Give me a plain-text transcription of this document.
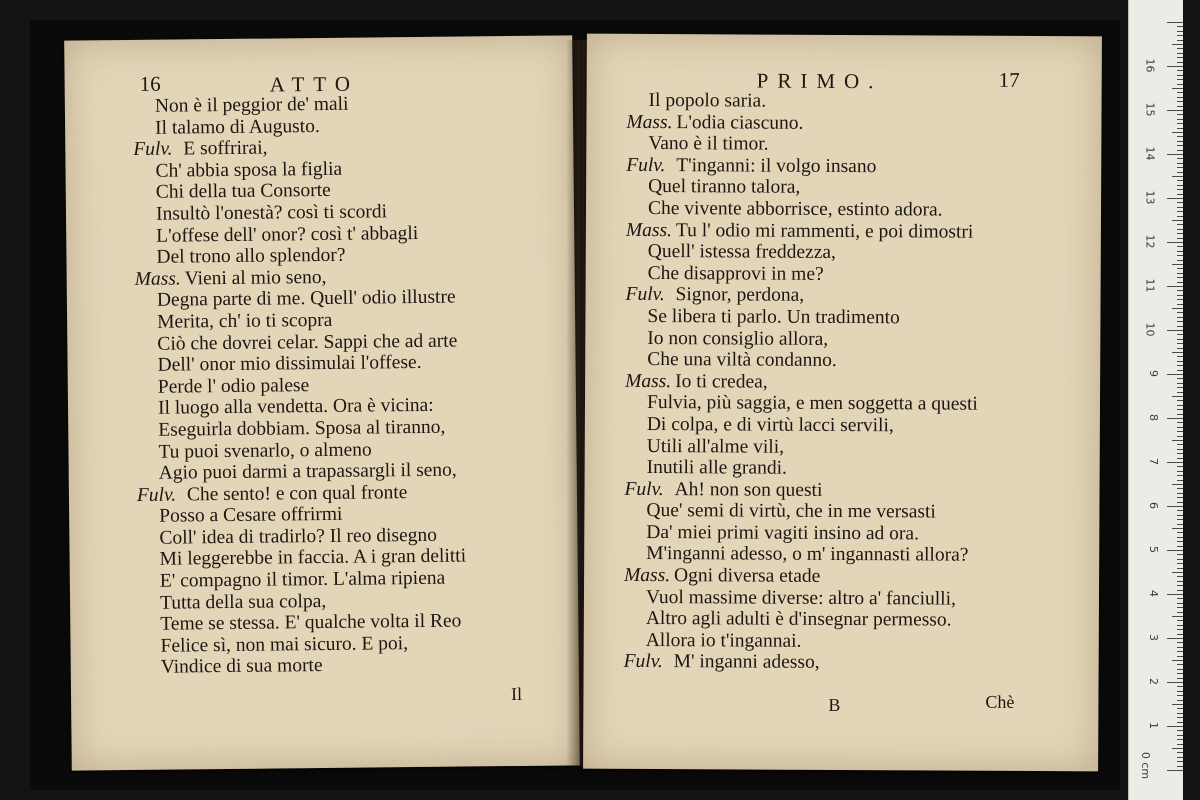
16	ATTO
Non è il peggior de' mali
Il talamo di Augusto.
Fulv. E soffrirai,
Ch' abbia sposa la figlia
Chi della tua Consorte
Insultò l'onestà? così ti scordi
L'offese dell' onor? così t' abbagli
Del trono allo splendor?
Mass. Vieni al mio seno,
Degna parte di me. Quell' odio illustre
Merita, ch' io ti scopra
Ciò che dovrei celar. Sappi che ad arte
Dell' onor mio dissimulai l'offese.
Perde l' odio palese
Il luogo alla vendetta. Ora è vicina:
Eseguirla dobbiam. Sposa al tiranno,
Tu puoi svenarlo, o almeno
Agio puoi darmi a trapassargli il seno,
Fulv. Che sento! e con qual fronte
Posso a Cesare offrirmi
Coll' idea di tradirlo? Il reo disegno
Mi leggerebbe in faccia. A i gran delitti
E' compagno il timor. L'alma ripiena
Tutta della sua colpa,
Teme se stessa. E' qualche volta il Reo
Felice sì, non mai sicuro. E poi,
Vindice di sua morte
Il
PRIMO.	17
Il popolo saria.
Mass. L'odia ciascuno.
Vano è il timor.
Fulv. T'inganni: il volgo insano
Quel tiranno talora,
Che vivente abborrisce, estinto adora.
Mass. Tu l' odio mi rammenti, e poi dimostri
Quell' istessa freddezza,
Che disapprovi in me?
Fulv. Signor, perdona,
Se libera ti parlo. Un tradimento
Io non consiglio allora,
Che una viltà condanno.
Mass. Io ti credea,
Fulvia, più saggia, e men soggetta a questi
Di colpa, e di virtù lacci servili,
Utili all'alme vili,
Inutili alle grandi.
Fulv. Ah! non son questi
Que' semi di virtù, che in me versasti
Da' miei primi vagiti insino ad ora.
M'inganni adesso, o m' ingannasti allora?
Mass. Ogni diversa etade
Vuol massime diverse: altro a' fanciulli,
Altro agli adulti è d'insegnar permesso.
Allora io t'ingannai.
Fulv. M' inganni adesso,
B	Chè
0 cm
1
2
3
4
5
6
7
8
9
10
11
12
13
14
15
16
